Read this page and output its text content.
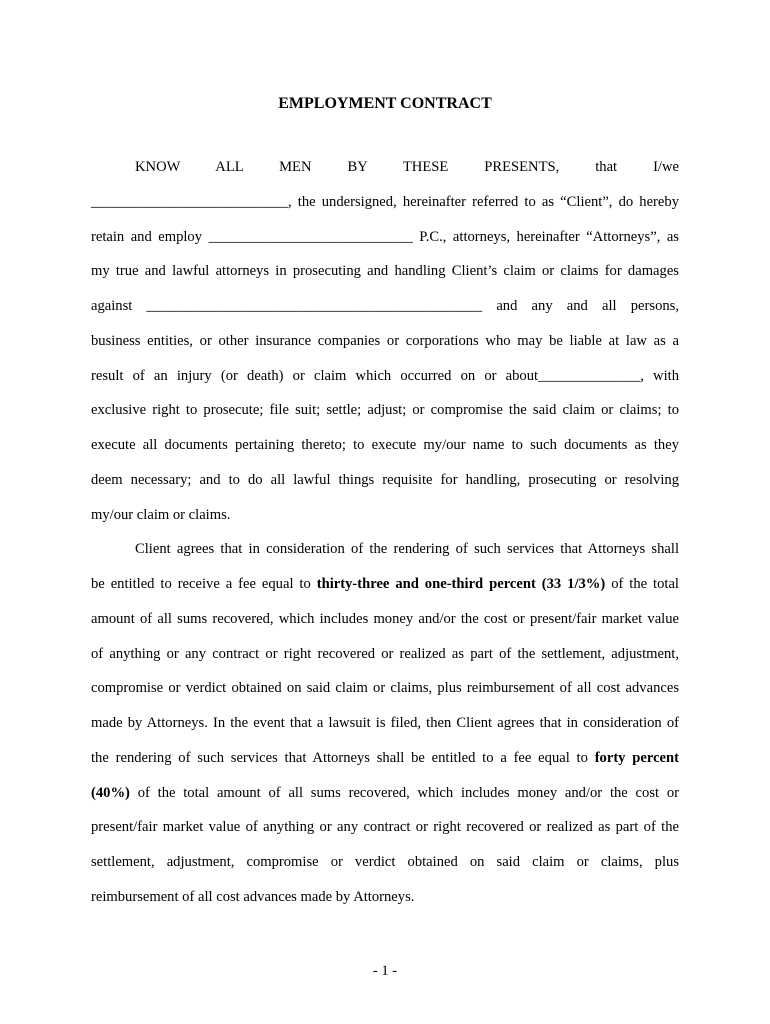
EMPLOYMENT CONTRACT
KNOW ALL MEN BY THESE PRESENTS, that I/we
___________________________, the undersigned, hereinafter referred to as “Client”, do hereby
retain and employ ____________________________ P.C., attorneys, hereinafter “Attorneys”, as
my true and lawful attorneys in prosecuting and handling Client’s claim or claims for damages
against ______________________________________________ and any and all persons,
business entities, or other insurance companies or corporations who may be liable at law as a
result of an injury (or death) or claim which occurred on or about______________, with
exclusive right to prosecute; file suit; settle; adjust; or compromise the said claim or claims; to
execute all documents pertaining thereto; to execute my/our name to such documents as they
deem necessary; and to do all lawful things requisite for handling, prosecuting or resolving
my/our claim or claims.
Client agrees that in consideration of the rendering of such services that Attorneys shall
be entitled to receive a fee equal to thirty-three and one-third percent (33 1/3%) of the total
amount of all sums recovered, which includes money and/or the cost or present/fair market value
of anything or any contract or right recovered or realized as part of the settlement, adjustment,
compromise or verdict obtained on said claim or claims, plus reimbursement of all cost advances
made by Attorneys. In the event that a lawsuit is filed, then Client agrees that in consideration of
the rendering of such services that Attorneys shall be entitled to a fee equal to forty percent
(40%) of the total amount of all sums recovered, which includes money and/or the cost or
present/fair market value of anything or any contract or right recovered or realized as part of the
settlement, adjustment, compromise or verdict obtained on said claim or claims, plus
reimbursement of all cost advances made by Attorneys.
- 1 -
